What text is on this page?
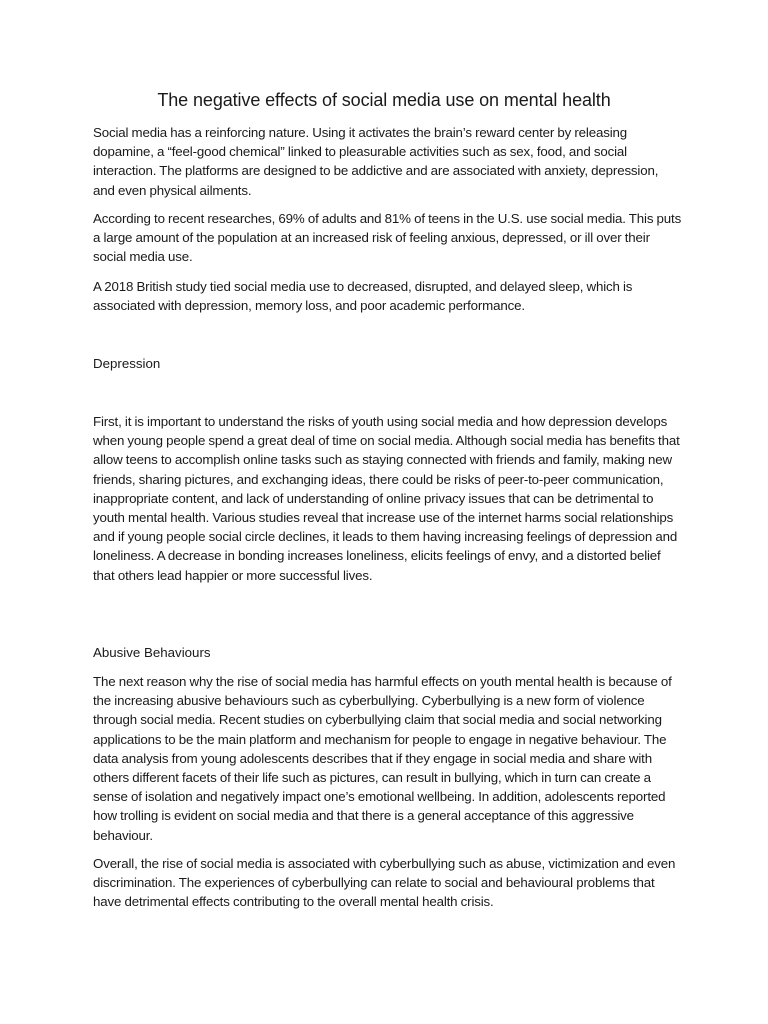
The negative effects of social media use on mental health

Social media has a reinforcing nature. Using it activates the brain’s reward center by releasing dopamine, a “feel-good chemical” linked to pleasurable activities such as sex, food, and social interaction. The platforms are designed to be addictive and are associated with anxiety, depression, and even physical ailments.

According to recent researches, 69% of adults and 81% of teens in the U.S. use social media. This puts a large amount of the population at an increased risk of feeling anxious, depressed, or ill over their social media use.

A 2018 British study tied social media use to decreased, disrupted, and delayed sleep, which is associated with depression, memory loss, and poor academic performance.

Depression

First, it is important to understand the risks of youth using social media and how depression develops when young people spend a great deal of time on social media. Although social media has benefits that allow teens to accomplish online tasks such as staying connected with friends and family, making new friends, sharing pictures, and exchanging ideas, there could be risks of peer-to-peer communication, inappropriate content, and lack of understanding of online privacy issues that can be detrimental to youth mental health. Various studies reveal that increase use of the internet harms social relationships and if young people social circle declines, it leads to them having increasing feelings of depression and loneliness. A decrease in bonding increases loneliness, elicits feelings of envy, and a distorted belief that others lead happier or more successful lives.

Abusive Behaviours

The next reason why the rise of social media has harmful effects on youth mental health is because of the increasing abusive behaviours such as cyberbullying. Cyberbullying is a new form of violence through social media. Recent studies on cyberbullying claim that social media and social networking applications to be the main platform and mechanism for people to engage in negative behaviour. The data analysis from young adolescents describes that if they engage in social media and share with others different facets of their life such as pictures, can result in bullying, which in turn can create a sense of isolation and negatively impact one’s emotional wellbeing. In addition, adolescents reported how trolling is evident on social media and that there is a general acceptance of this aggressive behaviour.

Overall, the rise of social media is associated with cyberbullying such as abuse, victimization and even discrimination. The experiences of cyberbullying can relate to social and behavioural problems that have detrimental effects contributing to the overall mental health crisis.
